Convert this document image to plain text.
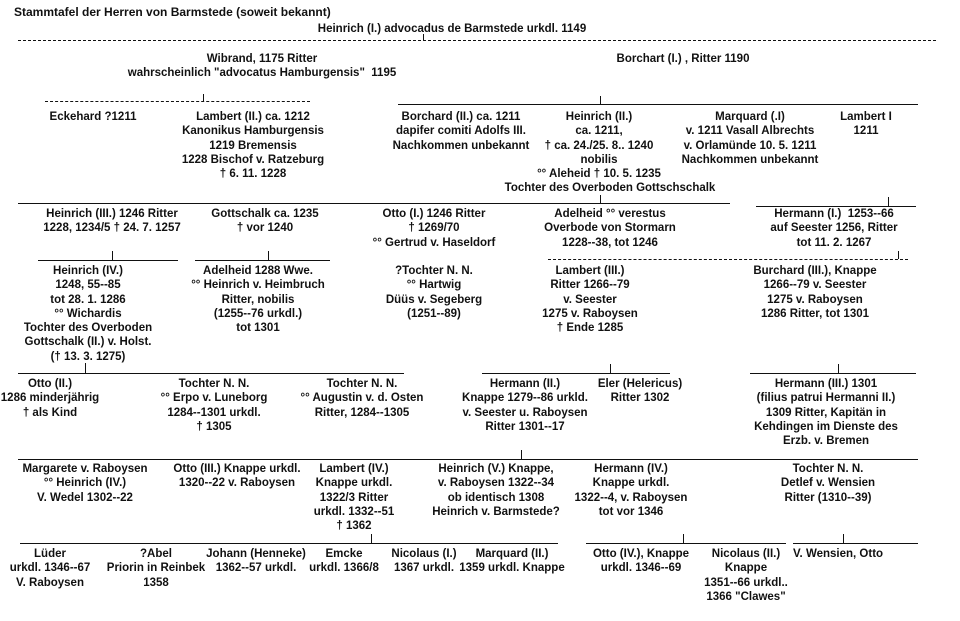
Stammtafel der Herren von Barmstede (soweit bekannt)
Heinrich (I.) advocadus de Barmstede urkdl. 1149
Wibrand, 1175 Ritter
wahrscheinlich "advocatus Hamburgensis"  1195
Borchart (I.) , Ritter 1190
Eckehard ?1211	Lambert (II.) ca. 1212
Kanonikus Hamburgensis
1219 Bremensis
1228 Bischof v. Ratzeburg
† 6. 11. 1228
Borchard (II.) ca. 1211
dapifer comiti Adolfs III.
Nachkommen unbekannt
Heinrich (II.)
ca. 1211,
† ca. 24./25. 8.. 1240
nobilis
°° Aleheid † 10. 5. 1235
Tochter des Overboden Gottschschalk
Marquard (.I)
v. 1211 Vasall Albrechts
v. Orlamünde 10. 5. 1211
Nachkommen unbekannt
Lambert I
1211
Heinrich (III.) 1246 Ritter
1228, 1234/5 † 24. 7. 1257
Gottschalk ca. 1235
† vor 1240
Otto (I.) 1246 Ritter
† 1269/70
°° Gertrud v. Haseldorf
Adelheid °° verestus
Overbode von Stormarn
1228--38, tot 1246
Hermann (I.)  1253--66
auf Seester 1256, Ritter
tot 11. 2. 1267
Heinrich (IV.)
1248, 55--85
tot 28. 1. 1286
°° Wichardis
Tochter des Overboden
Gottschalk (II.) v. Holst.
(† 13. 3. 1275)
Adelheid 1288 Wwe.
°° Heinrich v. Heimbruch
Ritter, nobilis
(1255--76 urkdl.)
tot 1301
?Tochter N. N.
°° Hartwig
Düüs v. Segeberg
(1251--89)
Lambert (III.)
Ritter 1266--79
v. Seester
1275 v. Raboysen
† Ende 1285
Burchard (III.), Knappe
1266--79 v. Seester
1275 v. Raboysen
1286 Ritter, tot 1301
Otto (II.)
1286 minderjährig
† als Kind
Tochter N. N.
°° Erpo v. Luneborg
1284--1301 urkdl.
† 1305
Tochter N. N.
°° Augustin v. d. Osten
Ritter, 1284--1305
Hermann (II.)
Knappe 1279--86 urkld.
v. Seester u. Raboysen
Ritter 1301--17
Eler (Helericus)
Ritter 1302
Hermann (III.) 1301
(filius patrui Hermanni II.)
1309 Ritter, Kapitän in
Kehdingen im Dienste des
Erzb. v. Bremen
Margarete v. Raboysen
°° Heinrich (IV.)
V. Wedel 1302--22
Otto (III.) Knappe urkdl.
1320--22 v. Raboysen
Lambert (IV.)
Knappe urkdl.
1322/3 Ritter
urkdl. 1332--51
† 1362
Heinrich (V.) Knappe,
v. Raboysen 1322--34
ob identisch 1308
Heinrich v. Barmstede?
Hermann (IV.)
Knappe urkdl.
1322--4, v. Raboysen
tot vor 1346
Tochter N. N.
Detlef v. Wensien
Ritter (1310--39)
Lüder
urkdl. 1346--67
V. Raboysen
?Abel
Priorin in Reinbek
1358
Johann (Henneke)
1362--57 urkdl.
Emcke
urkdl. 1366/8
Nicolaus (I.)
1367 urkdl.
Marquard (II.)
1359 urkdl. Knappe
Otto (IV.), Knappe
urkdl. 1346--69
Nicolaus (II.)
Knappe
1351--66 urkdl..
1366 "Clawes"
V. Wensien, Otto
